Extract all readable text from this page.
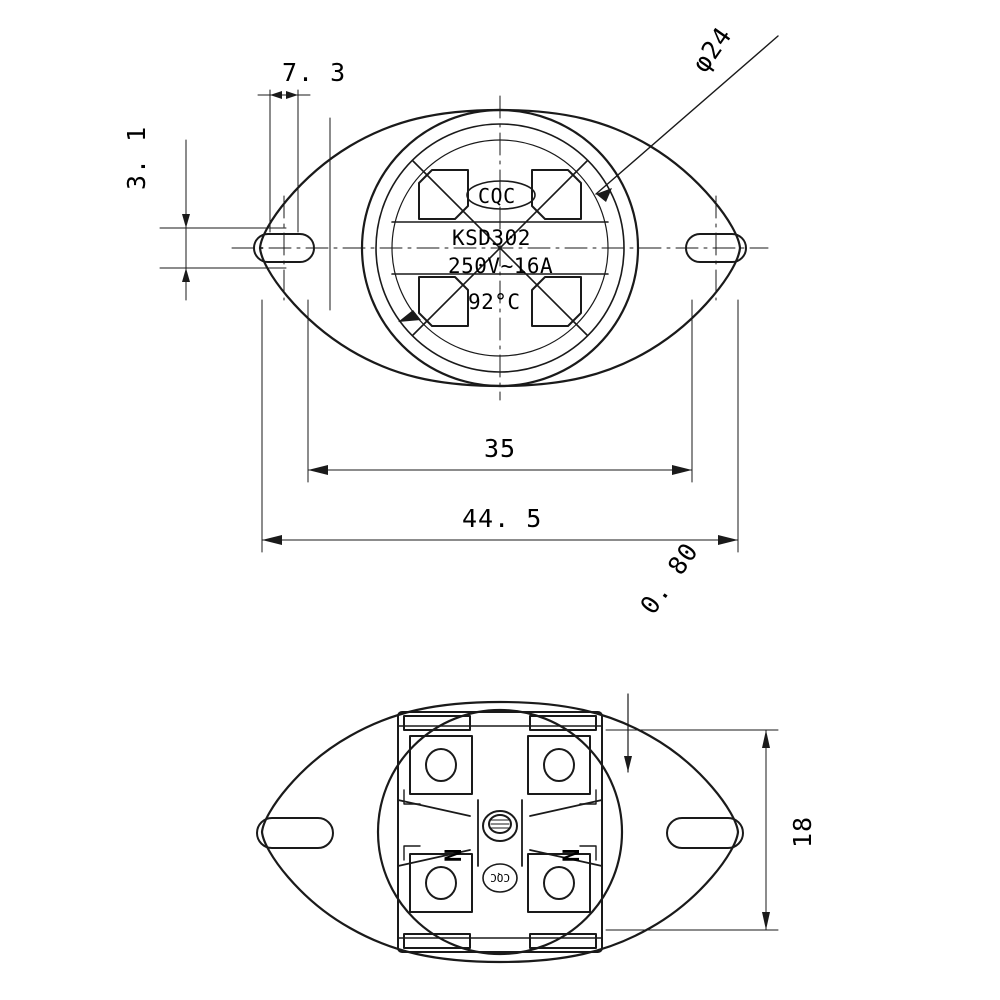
CQC
KSD302
250V~16A
92°C
φ24
7. 3
3. 1
35
44. 5
0. 80
18
N	N
CQC
